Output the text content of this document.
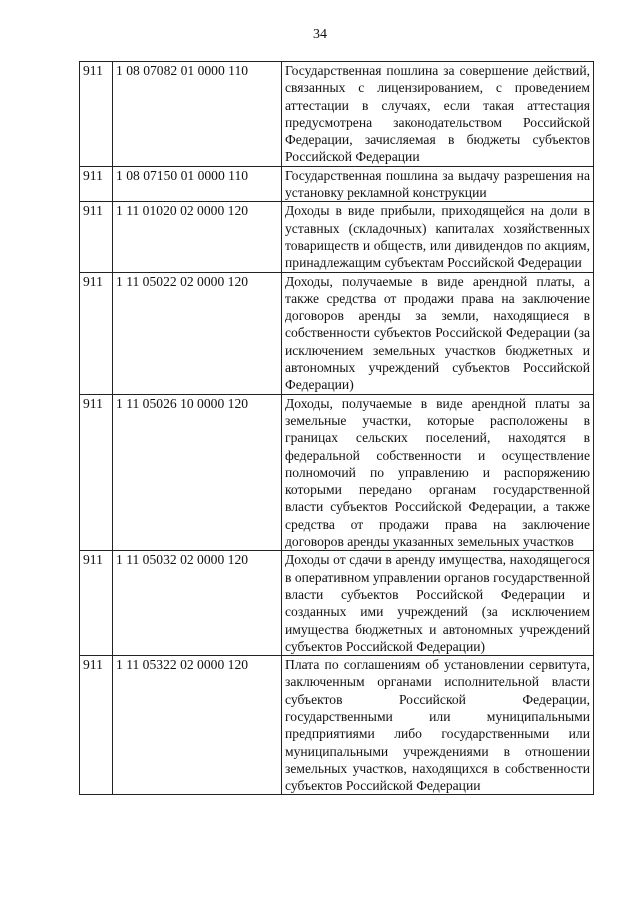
34
911	1 08 07082 01 0000 110	Государственная пошлина за совершение действий, связанных с лицензированием, с проведением аттестации в случаях, если такая аттестация предусмотрена законодательством Российской Федерации, зачисляемая в бюджеты субъектов Российской Федерации
911	1 08 07150 01 0000 110	Государственная пошлина за выдачу разрешения на установку рекламной конструкции
911	1 11 01020 02 0000 120	Доходы в виде прибыли, приходящейся на доли в уставных (складочных) капиталах хозяйственных товариществ и обществ, или дивидендов по акциям, принадлежащим субъектам Российской Федерации
911	1 11 05022 02 0000 120	Доходы, получаемые в виде арендной платы, а также средства от продажи права на заключение договоров аренды за земли, находящиеся в собственности субъектов Российской Федерации (за исключением земельных участков бюджетных и автономных учреждений субъектов Российской Федерации)
911	1 11 05026 10 0000 120	Доходы, получаемые в виде арендной платы за земельные участки, которые расположены в границах сельских поселений, находятся в федеральной собственности и осуществление полномочий по управлению и распоряжению которыми передано органам государственной власти субъектов Российской Федерации, а также средства от продажи права на заключение договоров аренды указанных земельных участков
911	1 11 05032 02 0000 120	Доходы от сдачи в аренду имущества, находящегося в оперативном управлении органов государственной власти субъектов Российской Федерации и созданных ими учреждений (за исключением имущества бюджетных и автономных учреждений субъектов Российской Федерации)
911	1 11 05322 02 0000 120	Плата по соглашениям об установлении сервитута, заключенным органами исполнительной власти субъектов Российской Федерации, государственными или муниципальными предприятиями либо государственными или муниципальными учреждениями в отношении земельных участков, находящихся в собственности субъектов Российской Федерации
